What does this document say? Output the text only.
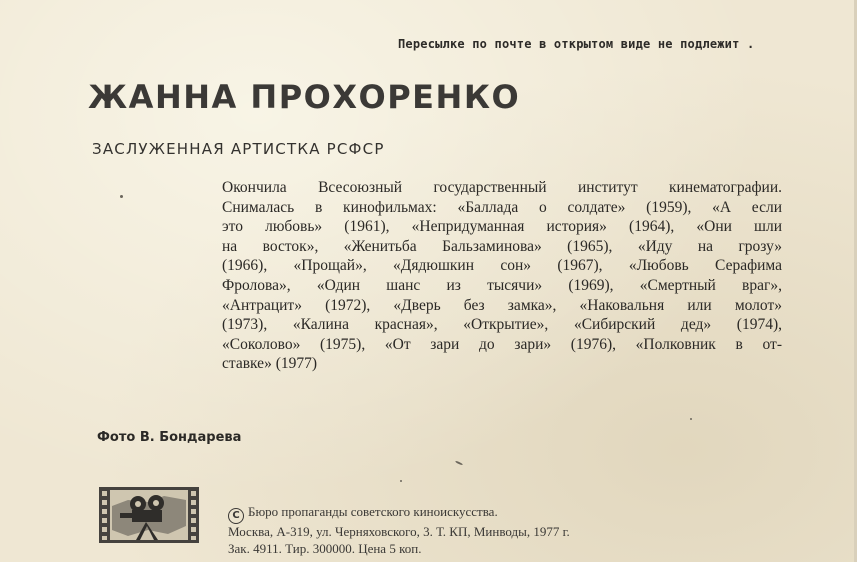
Пересылке по почте в открытом виде не подлежит .
ЖАННА ПРОХОРЕНКО
ЗАСЛУЖЕННАЯ АРТИСТКА РСФСР
Окончила Всесоюзный государственный институт кинематографии.
Снималась в кинофильмах: «Баллада о солдате» (1959), «А если
это любовь» (1961), «Непридуманная история» (1964), «Они шли
на восток», «Женитьба Бальзаминова» (1965), «Иду на грозу»
(1966), «Прощай», «Дядюшкин сон» (1967), «Любовь Серафима
Фролова», «Один шанс из тысячи» (1969), «Смертный враг»,
«Антрацит» (1972), «Дверь без замка», «Наковальня или молот»
(1973), «Калина красная», «Открытие», «Сибирский дед» (1974),
«Соколово» (1975), «От зари до зари» (1976), «Полковник в от-
ставке» (1977)
Фото В. Бондарева
C Бюро пропаганды советского киноискусства.
Москва, А-319, ул. Черняховского, 3. Т. КП, Минводы, 1977 г.
Зак. 4911. Тир. 300000. Цена 5 коп.
